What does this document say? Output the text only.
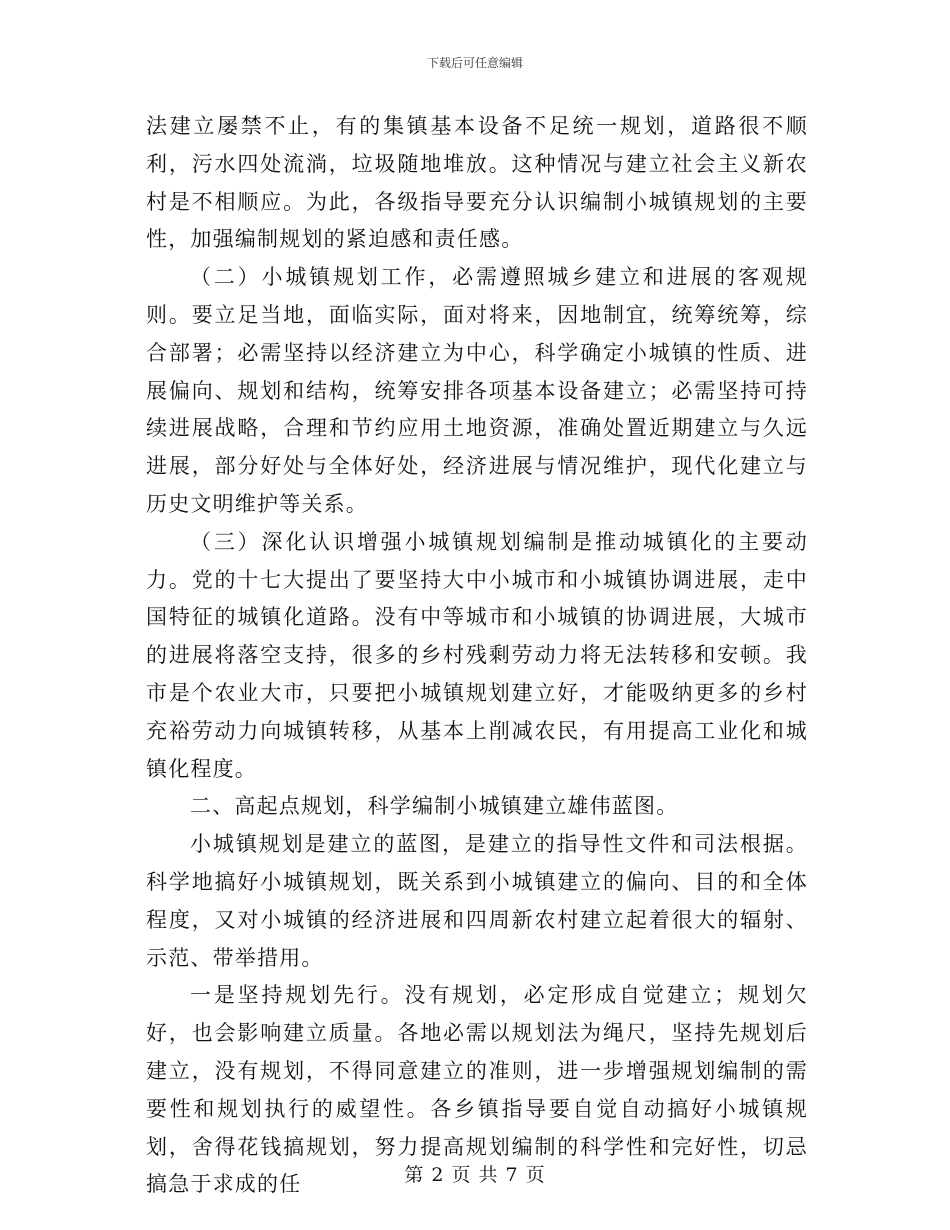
下载后可任意编辑

法建立屡禁不止，有的集镇基本设备不足统一规划，道路很不顺利，污水四处流淌，垃圾随地堆放。这种情况与建立社会主义新农村是不相顺应。为此，各级指导要充分认识编制小城镇规划的主要性，加强编制规划的紧迫感和责任感。

（二）小城镇规划工作，必需遵照城乡建立和进展的客观规则。要立足当地，面临实际，面对将来，因地制宜，统筹统筹，综合部署；必需坚持以经济建立为中心，科学确定小城镇的性质、进展偏向、规划和结构，统筹安排各项基本设备建立；必需坚持可持续进展战略，合理和节约应用土地资源，准确处置近期建立与久远进展，部分好处与全体好处，经济进展与情况维护，现代化建立与历史文明维护等关系。

（三）深化认识增强小城镇规划编制是推动城镇化的主要动力。党的十七大提出了要坚持大中小城市和小城镇协调进展，走中国特征的城镇化道路。没有中等城市和小城镇的协调进展，大城市的进展将落空支持，很多的乡村残剩劳动力将无法转移和安顿。我市是个农业大市，只要把小城镇规划建立好，才能吸纳更多的乡村充裕劳动力向城镇转移，从基本上削减农民，有用提高工业化和城镇化程度。

二、高起点规划，科学编制小城镇建立雄伟蓝图。

小城镇规划是建立的蓝图，是建立的指导性文件和司法根据。科学地搞好小城镇规划，既关系到小城镇建立的偏向、目的和全体程度，又对小城镇的经济进展和四周新农村建立起着很大的辐射、示范、带举措用。

一是坚持规划先行。没有规划，必定形成自觉建立；规划欠好，也会影响建立质量。各地必需以规划法为绳尺，坚持先规划后建立，没有规划，不得同意建立的准则，进一步增强规划编制的需要性和规划执行的威望性。各乡镇指导要自觉自动搞好小城镇规划，舍得花钱搞规划，努力提高规划编制的科学性和完好性，切忌搞急于求成的任	第 2 页 共 7 页
